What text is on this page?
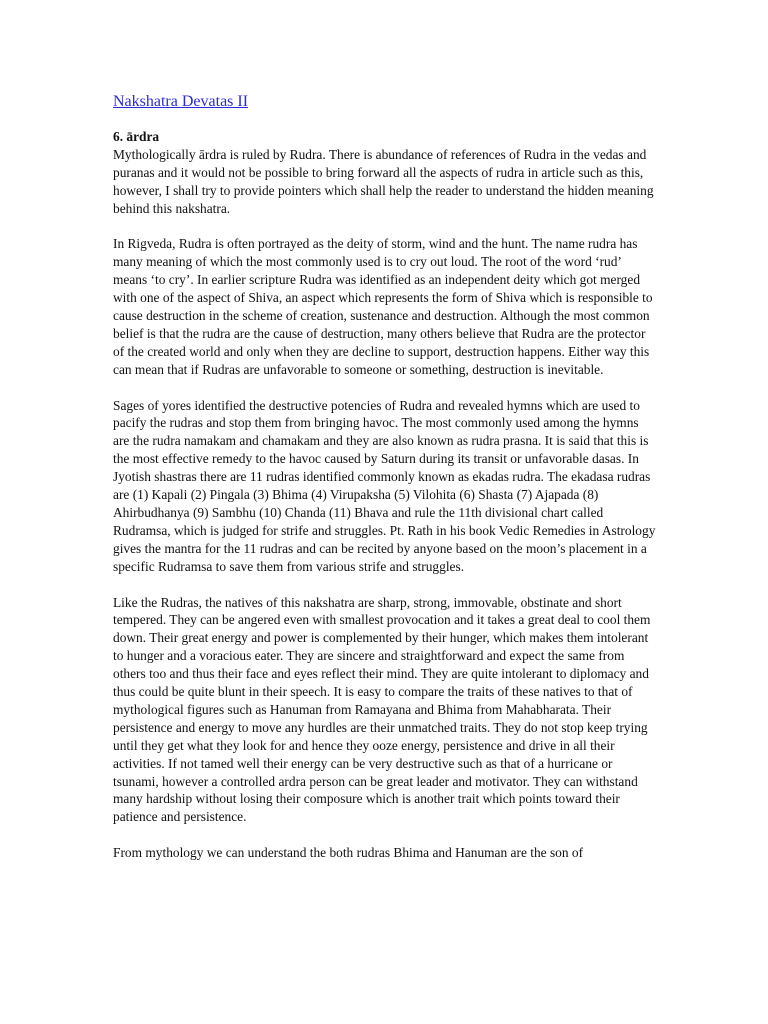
Nakshatra Devatas II
6. ārdra

Mythologically ārdra is ruled by Rudra. There is abundance of references of Rudra in the vedas and puranas and it would not be possible to bring forward all the aspects of rudra in article such as this, however, I shall try to provide pointers which shall help the reader to understand the hidden meaning behind this nakshatra.

In Rigveda, Rudra is often portrayed as the deity of storm, wind and the hunt. The name rudra has many meaning of which the most commonly used is to cry out loud. The root of the word ‘rud’ means ‘to cry’. In earlier scripture Rudra was identified as an independent deity which got merged with one of the aspect of Shiva, an aspect which represents the form of Shiva which is responsible to cause destruction in the scheme of creation, sustenance and destruction. Although the most common belief is that the rudra are the cause of destruction, many others believe that Rudra are the protector of the created world and only when they are decline to support, destruction happens. Either way this can mean that if Rudras are unfavorable to someone or something, destruction is inevitable.

Sages of yores identified the destructive potencies of Rudra and revealed hymns which are used to pacify the rudras and stop them from bringing havoc. The most commonly used among the hymns are the rudra namakam and chamakam and they are also known as rudra prasna. It is said that this is the most effective remedy to the havoc caused by Saturn during its transit or unfavorable dasas. In Jyotish shastras there are 11 rudras identified commonly known as ekadas rudra. The ekadasa rudras are (1) Kapali (2) Pingala (3) Bhima (4) Virupaksha (5) Vilohita (6) Shasta (7) Ajapada (8) Ahirbudhanya (9) Sambhu (10) Chanda (11) Bhava and rule the 11th divisional chart called Rudramsa, which is judged for strife and struggles. Pt. Rath in his book Vedic Remedies in Astrology gives the mantra for the 11 rudras and can be recited by anyone based on the moon’s placement in a specific Rudramsa to save them from various strife and struggles.

Like the Rudras, the natives of this nakshatra are sharp, strong, immovable, obstinate and short tempered. They can be angered even with smallest provocation and it takes a great deal to cool them down. Their great energy and power is complemented by their hunger, which makes them intolerant to hunger and a voracious eater. They are sincere and straightforward and expect the same from others too and thus their face and eyes reflect their mind. They are quite intolerant to diplomacy and thus could be quite blunt in their speech. It is easy to compare the traits of these natives to that of mythological figures such as Hanuman from Ramayana and Bhima from Mahabharata. Their persistence and energy to move any hurdles are their unmatched traits. They do not stop keep trying until they get what they look for and hence they ooze energy, persistence and drive in all their activities. If not tamed well their energy can be very destructive such as that of a hurricane or tsunami, however a controlled ardra person can be great leader and motivator. They can withstand many hardship without losing their composure which is another trait which points toward their patience and persistence.

From mythology we can understand the both rudras Bhima and Hanuman are the son of
